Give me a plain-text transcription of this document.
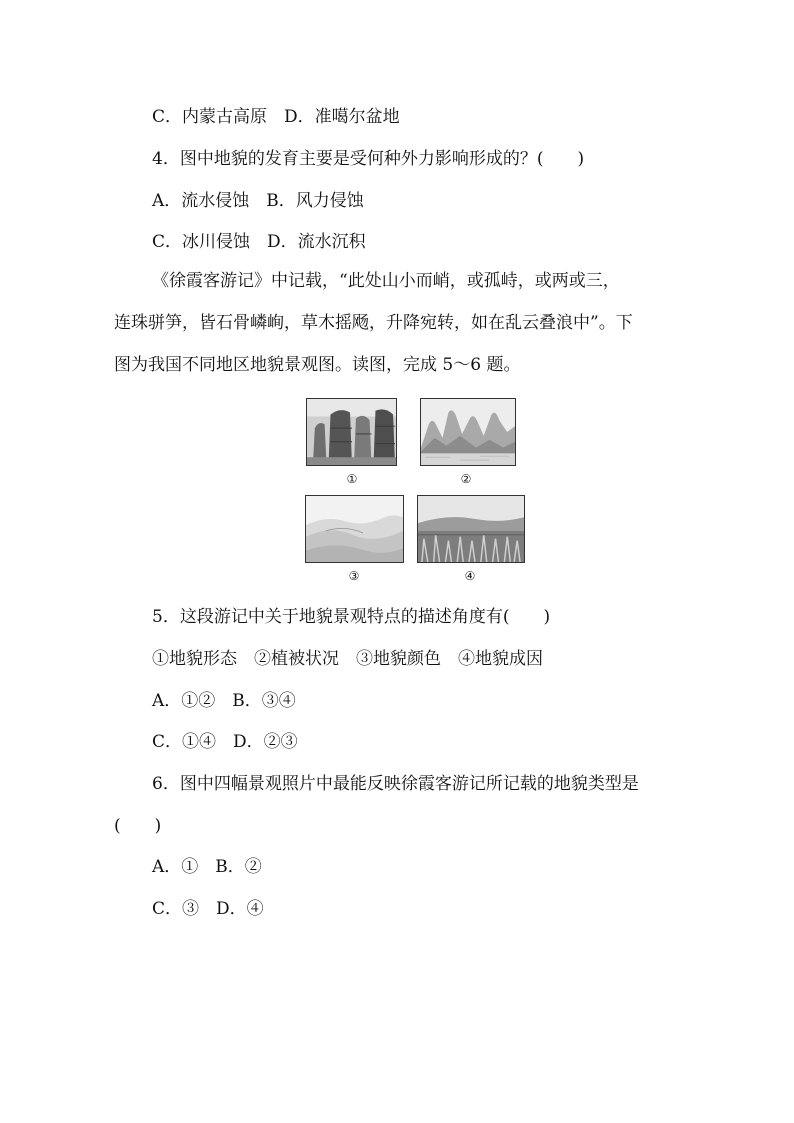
C．内蒙古高原　D．准噶尔盆地
4．图中地貌的发育主要是受何种外力影响形成的？(　　)
A．流水侵蚀　B．风力侵蚀
C．冰川侵蚀　D．流水沉积
《徐霞客游记》中记载，“此处山小而峭，或孤峙，或两或三，
连珠骈笋，皆石骨嶙峋，草木摇飏，升降宛转，如在乱云叠浪中”。下
图为我国不同地区地貌景观图。读图，完成 5～6 题。
①	②
③	④
5．这段游记中关于地貌景观特点的描述角度有(　　)
①地貌形态　②植被状况　③地貌颜色　④地貌成因
A．①②　B．③④
C．①④　D．②③
6．图中四幅景观照片中最能反映徐霞客游记所记载的地貌类型是
(　　)
A．①　B．②
C．③　D．④
